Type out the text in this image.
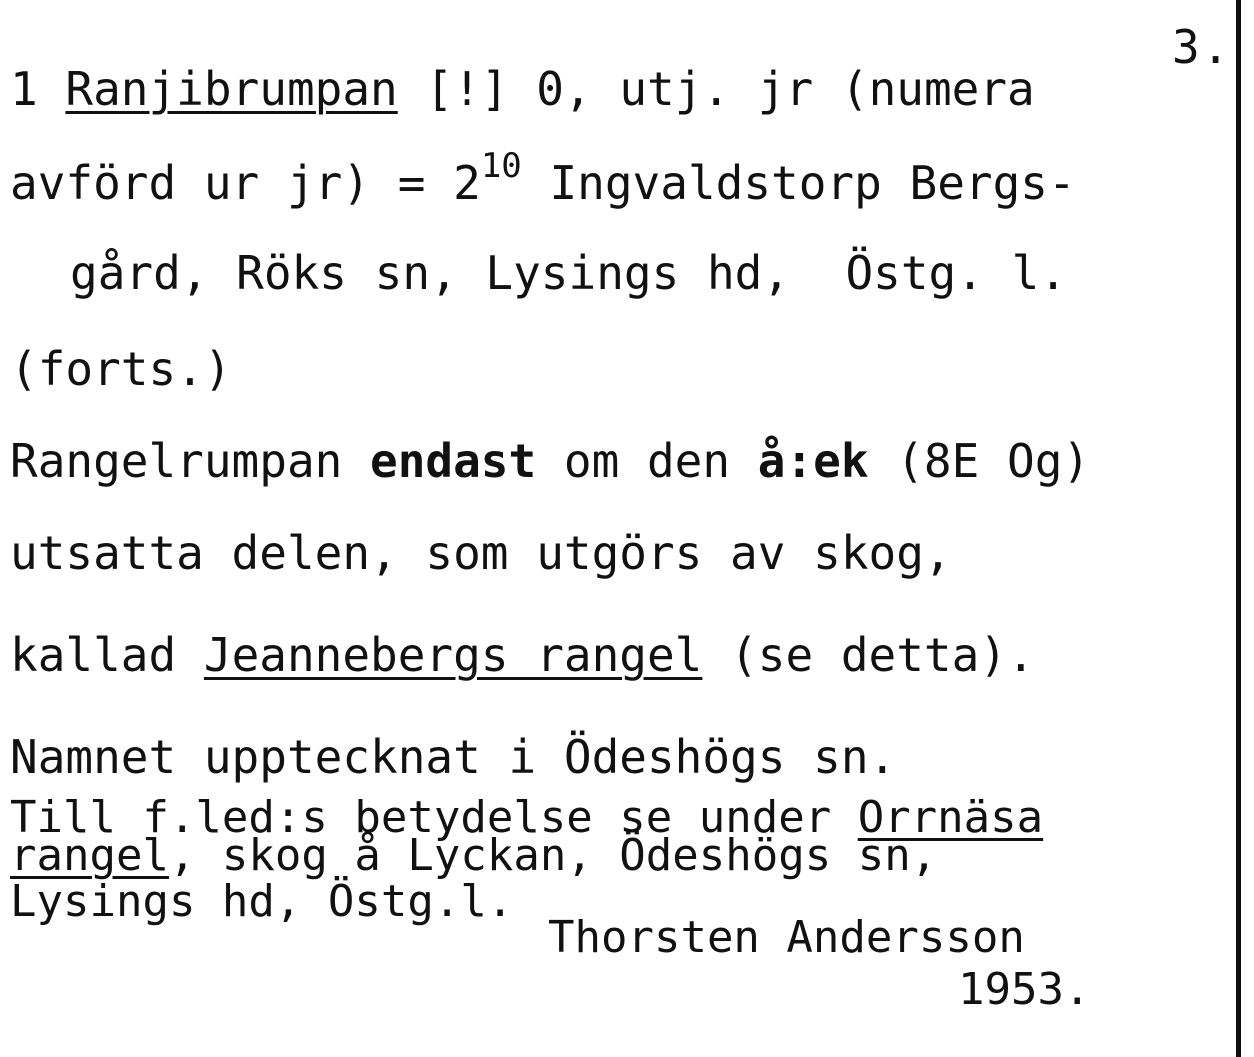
3.
1 Ranjibrumpan [!] 0, utj. jr (numera
avförd ur $jr) = 2^{10}$ Ingvaldstorp Bergs-
gård, Röks sn, Lysings hd,  Östg. l.
(forts.)
Rangelrumpan endast om den å:ek (8E Og)
utsatta delen, som utgörs av skog,
kallad Jeannebergs rangel (se detta).
Namnet upptecknat i Ödeshögs sn.
Till f.led:s betydelse se under Orrnäsa
rangel, skog å Lyckan, Ödeshögs sn,
Lysings hd, Östg.l.
Thorsten Andersson
1953.
